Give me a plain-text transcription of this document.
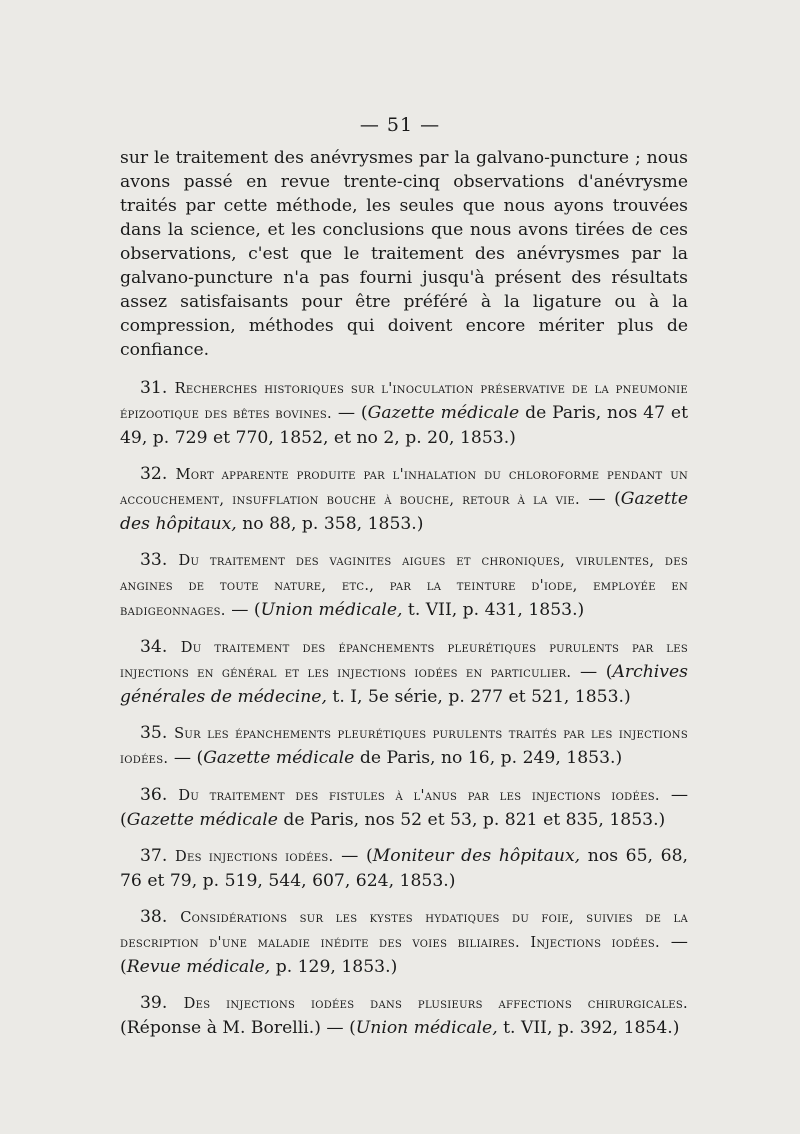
— 51 —

sur le traitement des anévrysmes par la galvano-puncture ; nous avons passé en revue trente-cinq observations d'anévrysme traités par cette méthode, les seules que nous ayons trouvées dans la science, et les conclusions que nous avons tirées de ces observations, c'est que le traitement des anévrysmes par la galvano-puncture n'a pas fourni jusqu'à présent des résultats assez satisfaisants pour être préféré à la ligature ou à la compression, méthodes qui doivent encore mériter plus de confiance.

31. Recherches historiques sur l'inoculation préservative de la pneumonie épizootique des bêtes bovines. — (Gazette médicale de Paris, nos 47 et 49, p. 729 et 770, 1852, et no 2, p. 20, 1853.)

32. Mort apparente produite par l'inhalation du chloroforme pendant un accouchement, insufflation bouche à bouche, retour à la vie. — (Gazette des hôpitaux, no 88, p. 358, 1853.)

33. Du traitement des vaginites aigues et chroniques, virulentes, des angines de toute nature, etc., par la teinture d'iode, employée en badigeonnages. — (Union médicale, t. VII, p. 431, 1853.)

34. Du traitement des épanchements pleurétiques purulents par les injections en général et les injections iodées en particulier. — (Archives générales de médecine, t. I, 5e série, p. 277 et 521, 1853.)

35. Sur les épanchements pleurétiques purulents traités par les injections iodées. — (Gazette médicale de Paris, no 16, p. 249, 1853.)

36. Du traitement des fistules à l'anus par les injections iodées. — (Gazette médicale de Paris, nos 52 et 53, p. 821 et 835, 1853.)

37. Des injections iodées. — (Moniteur des hôpitaux, nos 65, 68, 76 et 79, p. 519, 544, 607, 624, 1853.)

38. Considérations sur les kystes hydatiques du foie, suivies de la description d'une maladie inédite des voies biliaires. Injections iodées. — (Revue médicale, p. 129, 1853.)

39. Des injections iodées dans plusieurs affections chirurgicales. (Réponse à M. Borelli.) — (Union médicale, t. VII, p. 392, 1854.)
